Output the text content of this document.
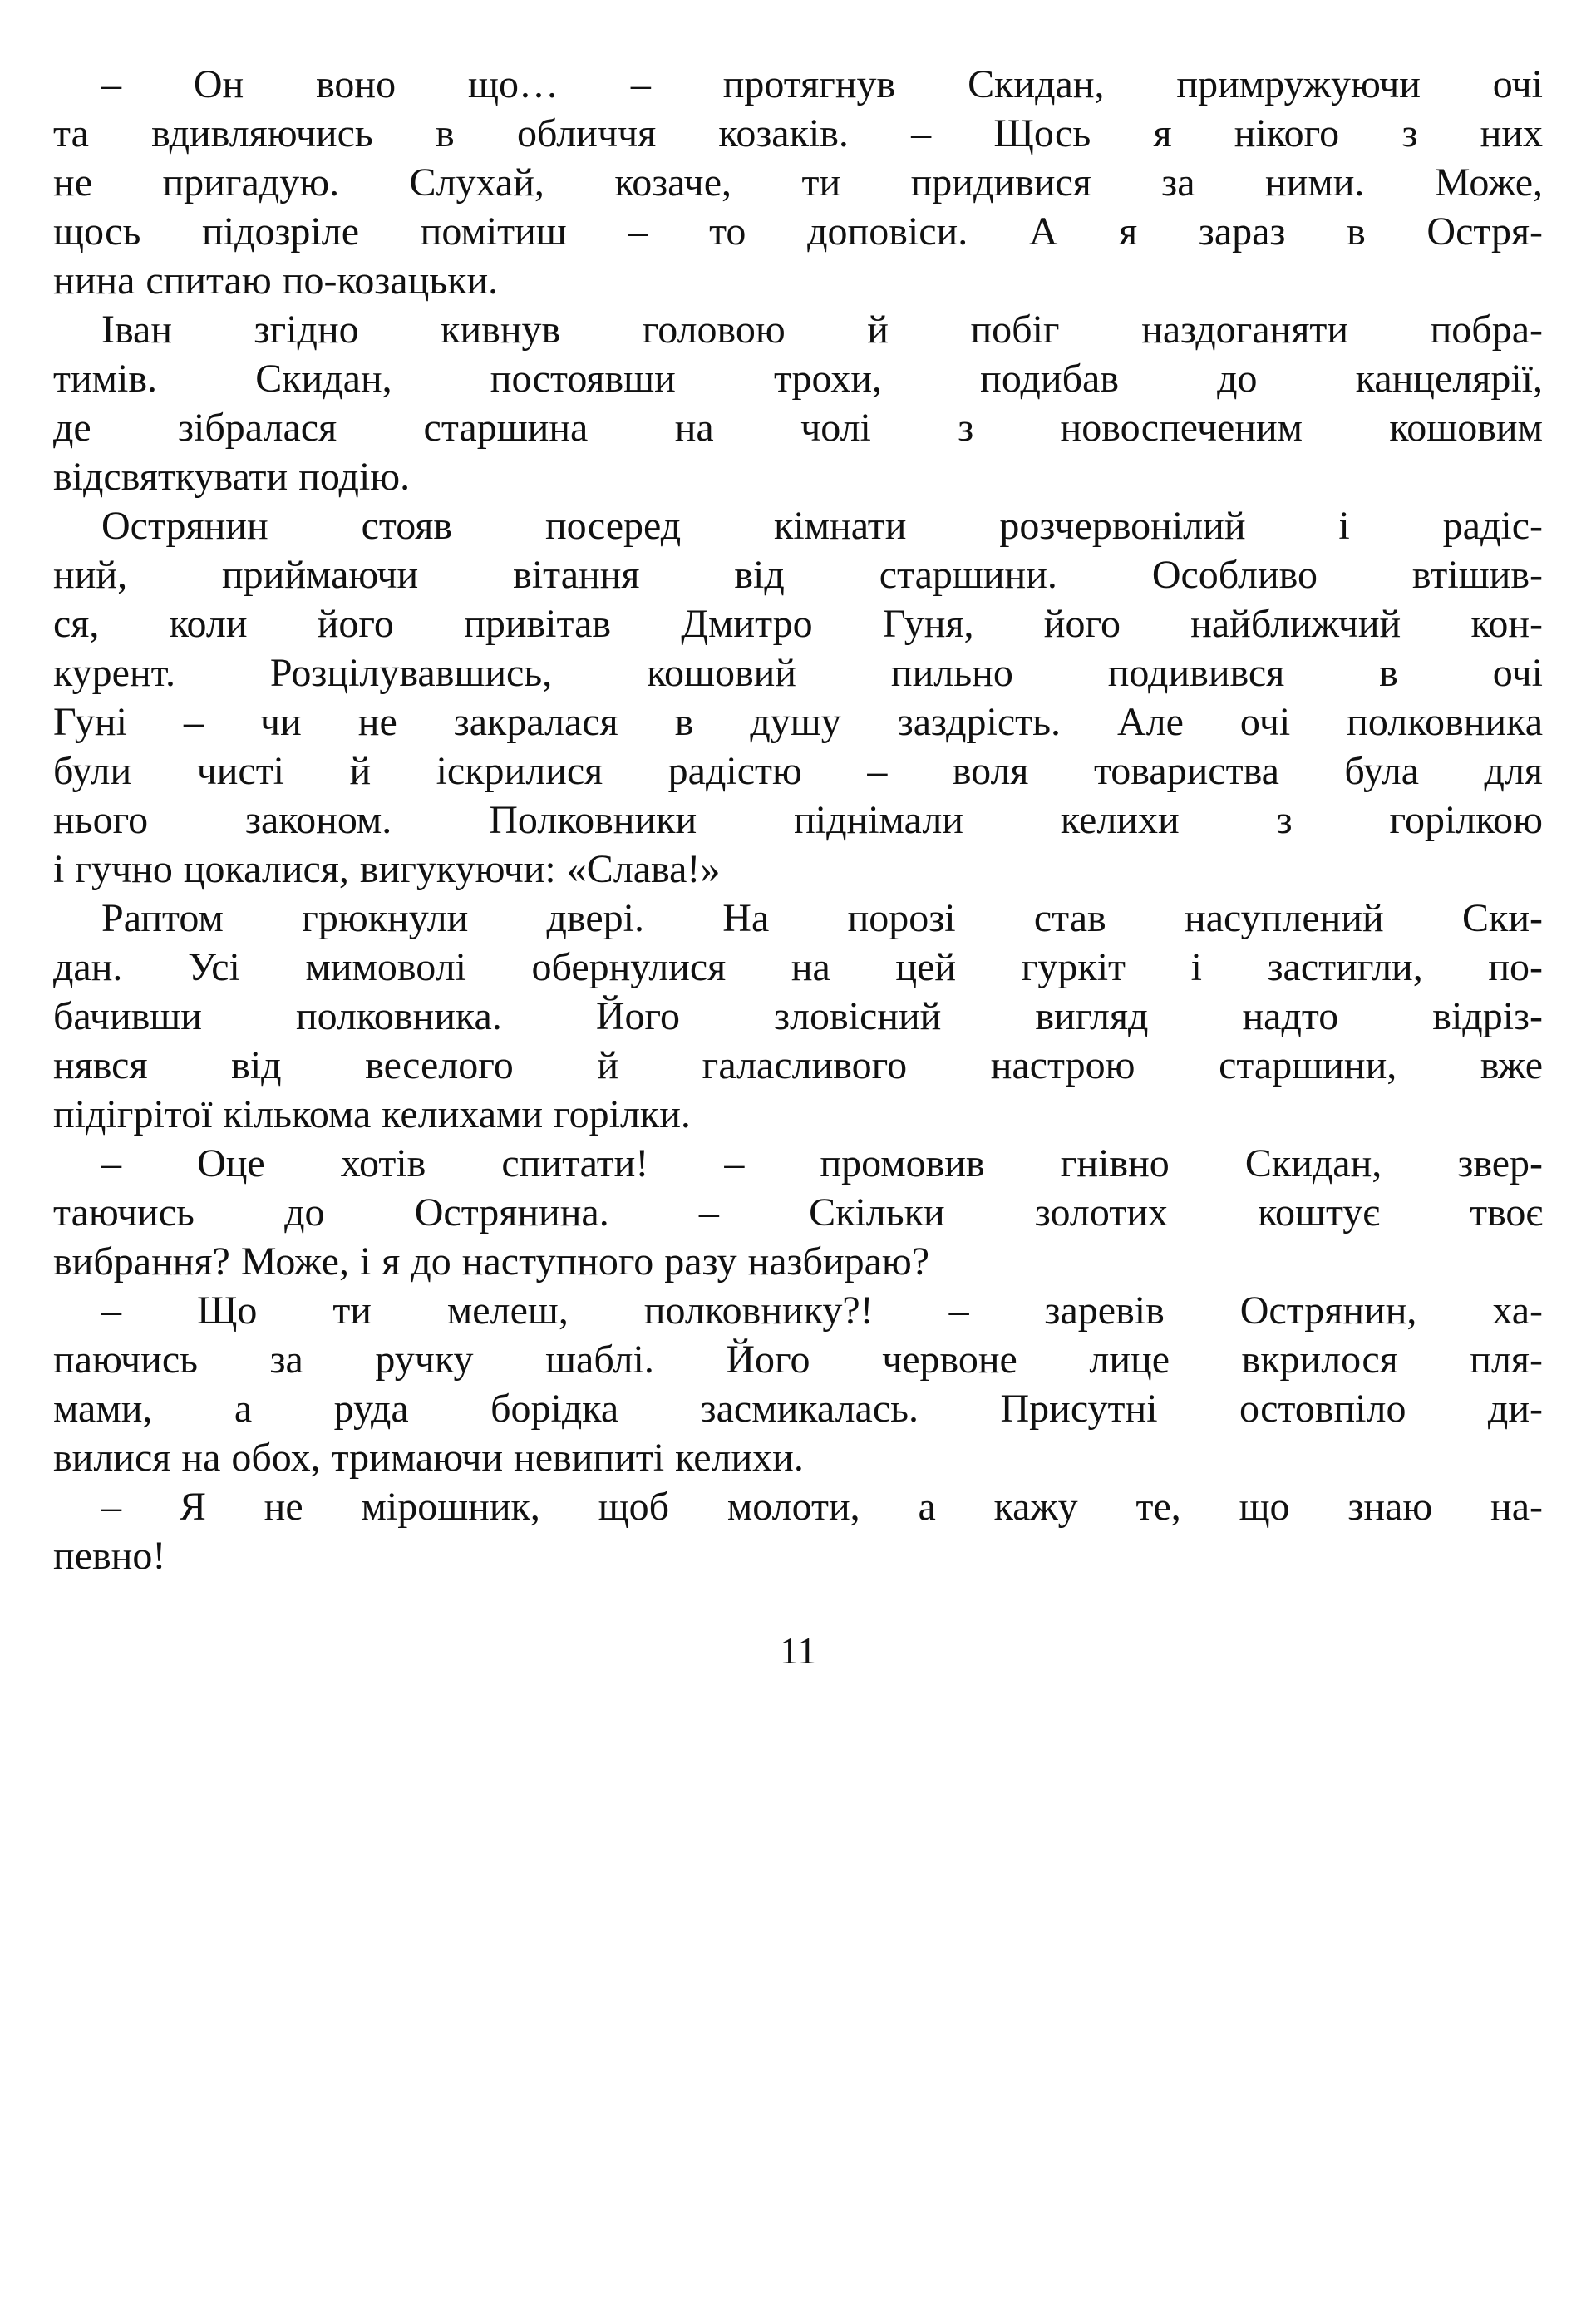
– Он воно що… – протягнув Скидан, примружуючи очі
та вдивляючись в обличчя козаків. – Щось я нікого з них
не пригадую. Слухай, козаче, ти придивися за ними. Може,
щось підозріле помітиш – то доповіси. А я зараз в Остря-
нина спитаю по-козацьки.
Іван згідно кивнув головою й побіг наздоганяти побра-
тимів. Скидан, постоявши трохи, подибав до канцелярії,
де зібралася старшина на чолі з новоспеченим кошовим
відсвяткувати подію.
Острянин стояв посеред кімнати розчервонілий і радіс-
ний, приймаючи вітання від старшини. Особливо втішив-
ся, коли його привітав Дмитро Гуня, його найближчий кон-
курент. Розцілувавшись, кошовий пильно подивився в очі
Гуні – чи не закралася в душу заздрість. Але очі полковника
були чисті й іскрилися радістю – воля товариства була для
нього законом. Полковники піднімали келихи з горілкою
і гучно цокалися, вигукуючи: «Слава!»
Раптом грюкнули двері. На порозі став насуплений Ски-
дан. Усі мимоволі обернулися на цей гуркіт і застигли, по-
бачивши полковника. Його зловісний вигляд надто відріз-
нявся від веселого й галасливого настрою старшини, вже
підігрітої кількома келихами горілки.
– Оце хотів спитати! – промовив гнівно Скидан, звер-
таючись до Острянина. – Скільки золотих коштує твоє
вибрання? Може, і я до наступного разу назбираю?
– Що ти мелеш, полковнику?! – заревів Острянин, ха-
паючись за ручку шаблі. Його червоне лице вкрилося пля-
мами, а руда борідка засмикалась. Присутні остовпіло ди-
вилися на обох, тримаючи невипиті келихи.
– Я не мірошник, щоб молоти, а кажу те, що знаю на-
певно!
11
